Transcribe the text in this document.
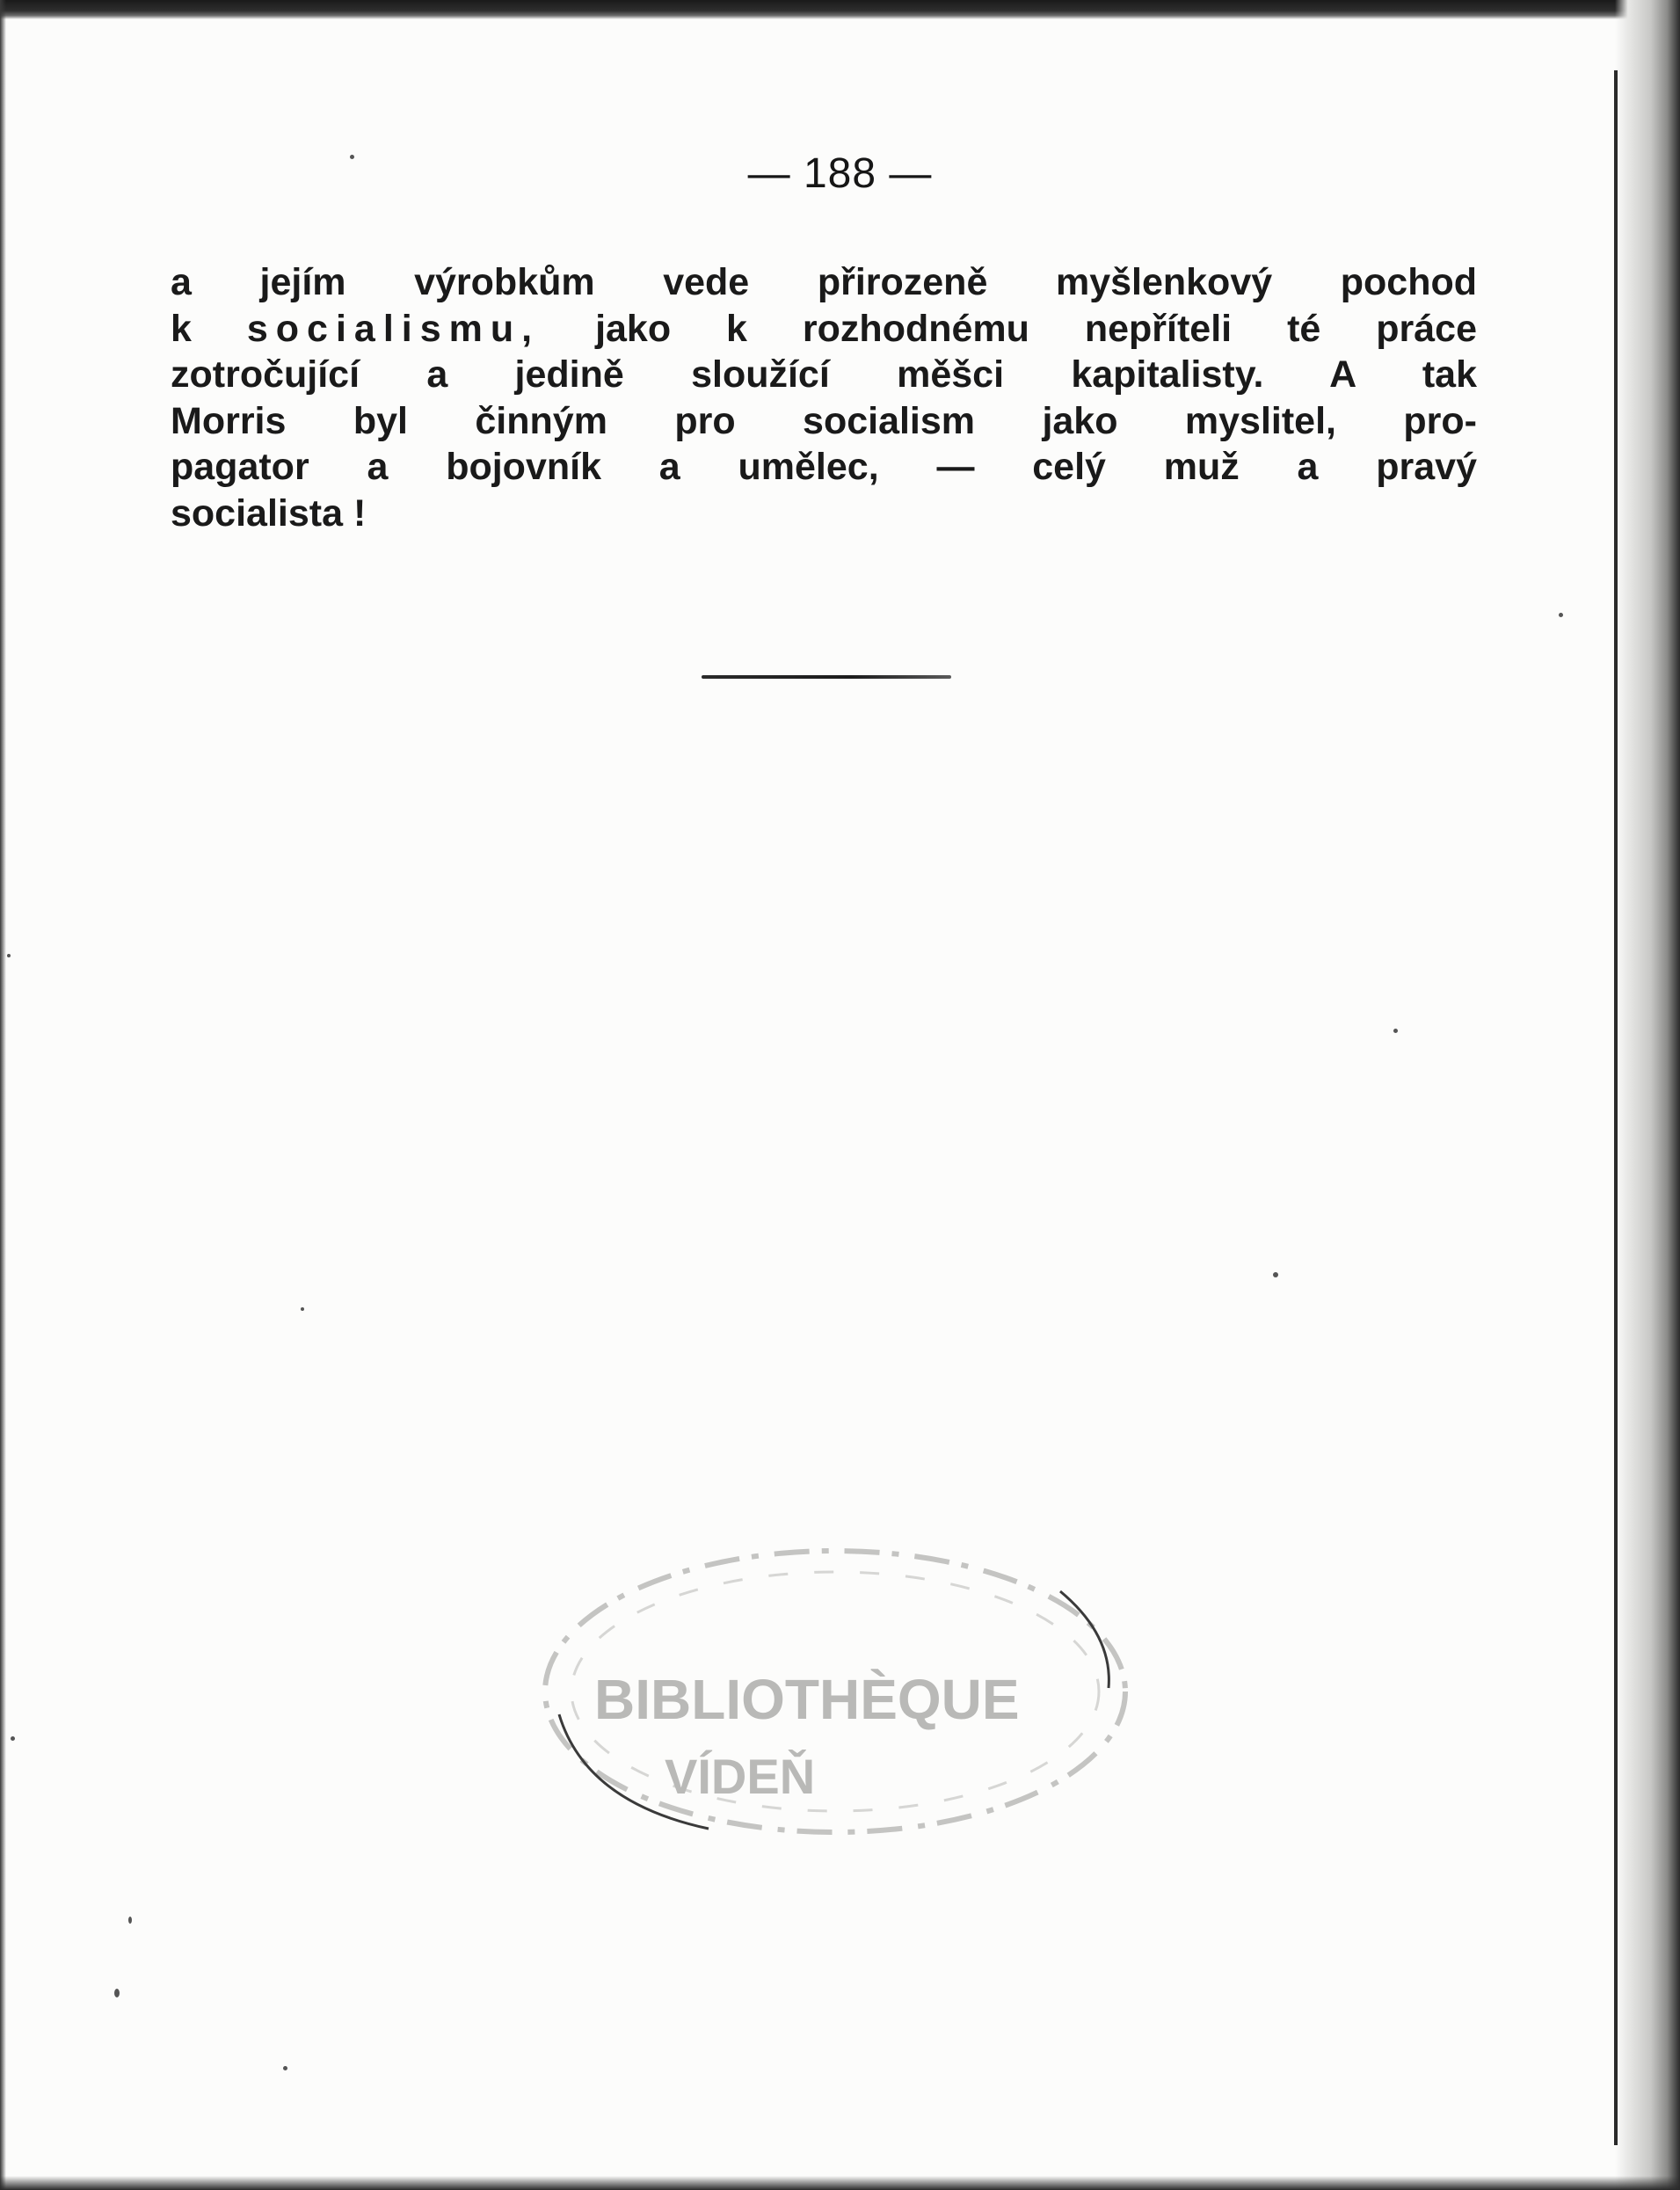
— 188 —
a jejím výrobkům vede přirozeně myšlenkový pochod
k socialismu, jako k rozhodnému nepříteli té práce
zotročující a jedině sloužící měšci kapitalisty. A tak
Morris byl činným pro socialism jako myslitel, pro-
pagator a bojovník a umělec, — celý muž a pravý
socialista !
BIBLIOTHÈQUE
VÍDEŇ
